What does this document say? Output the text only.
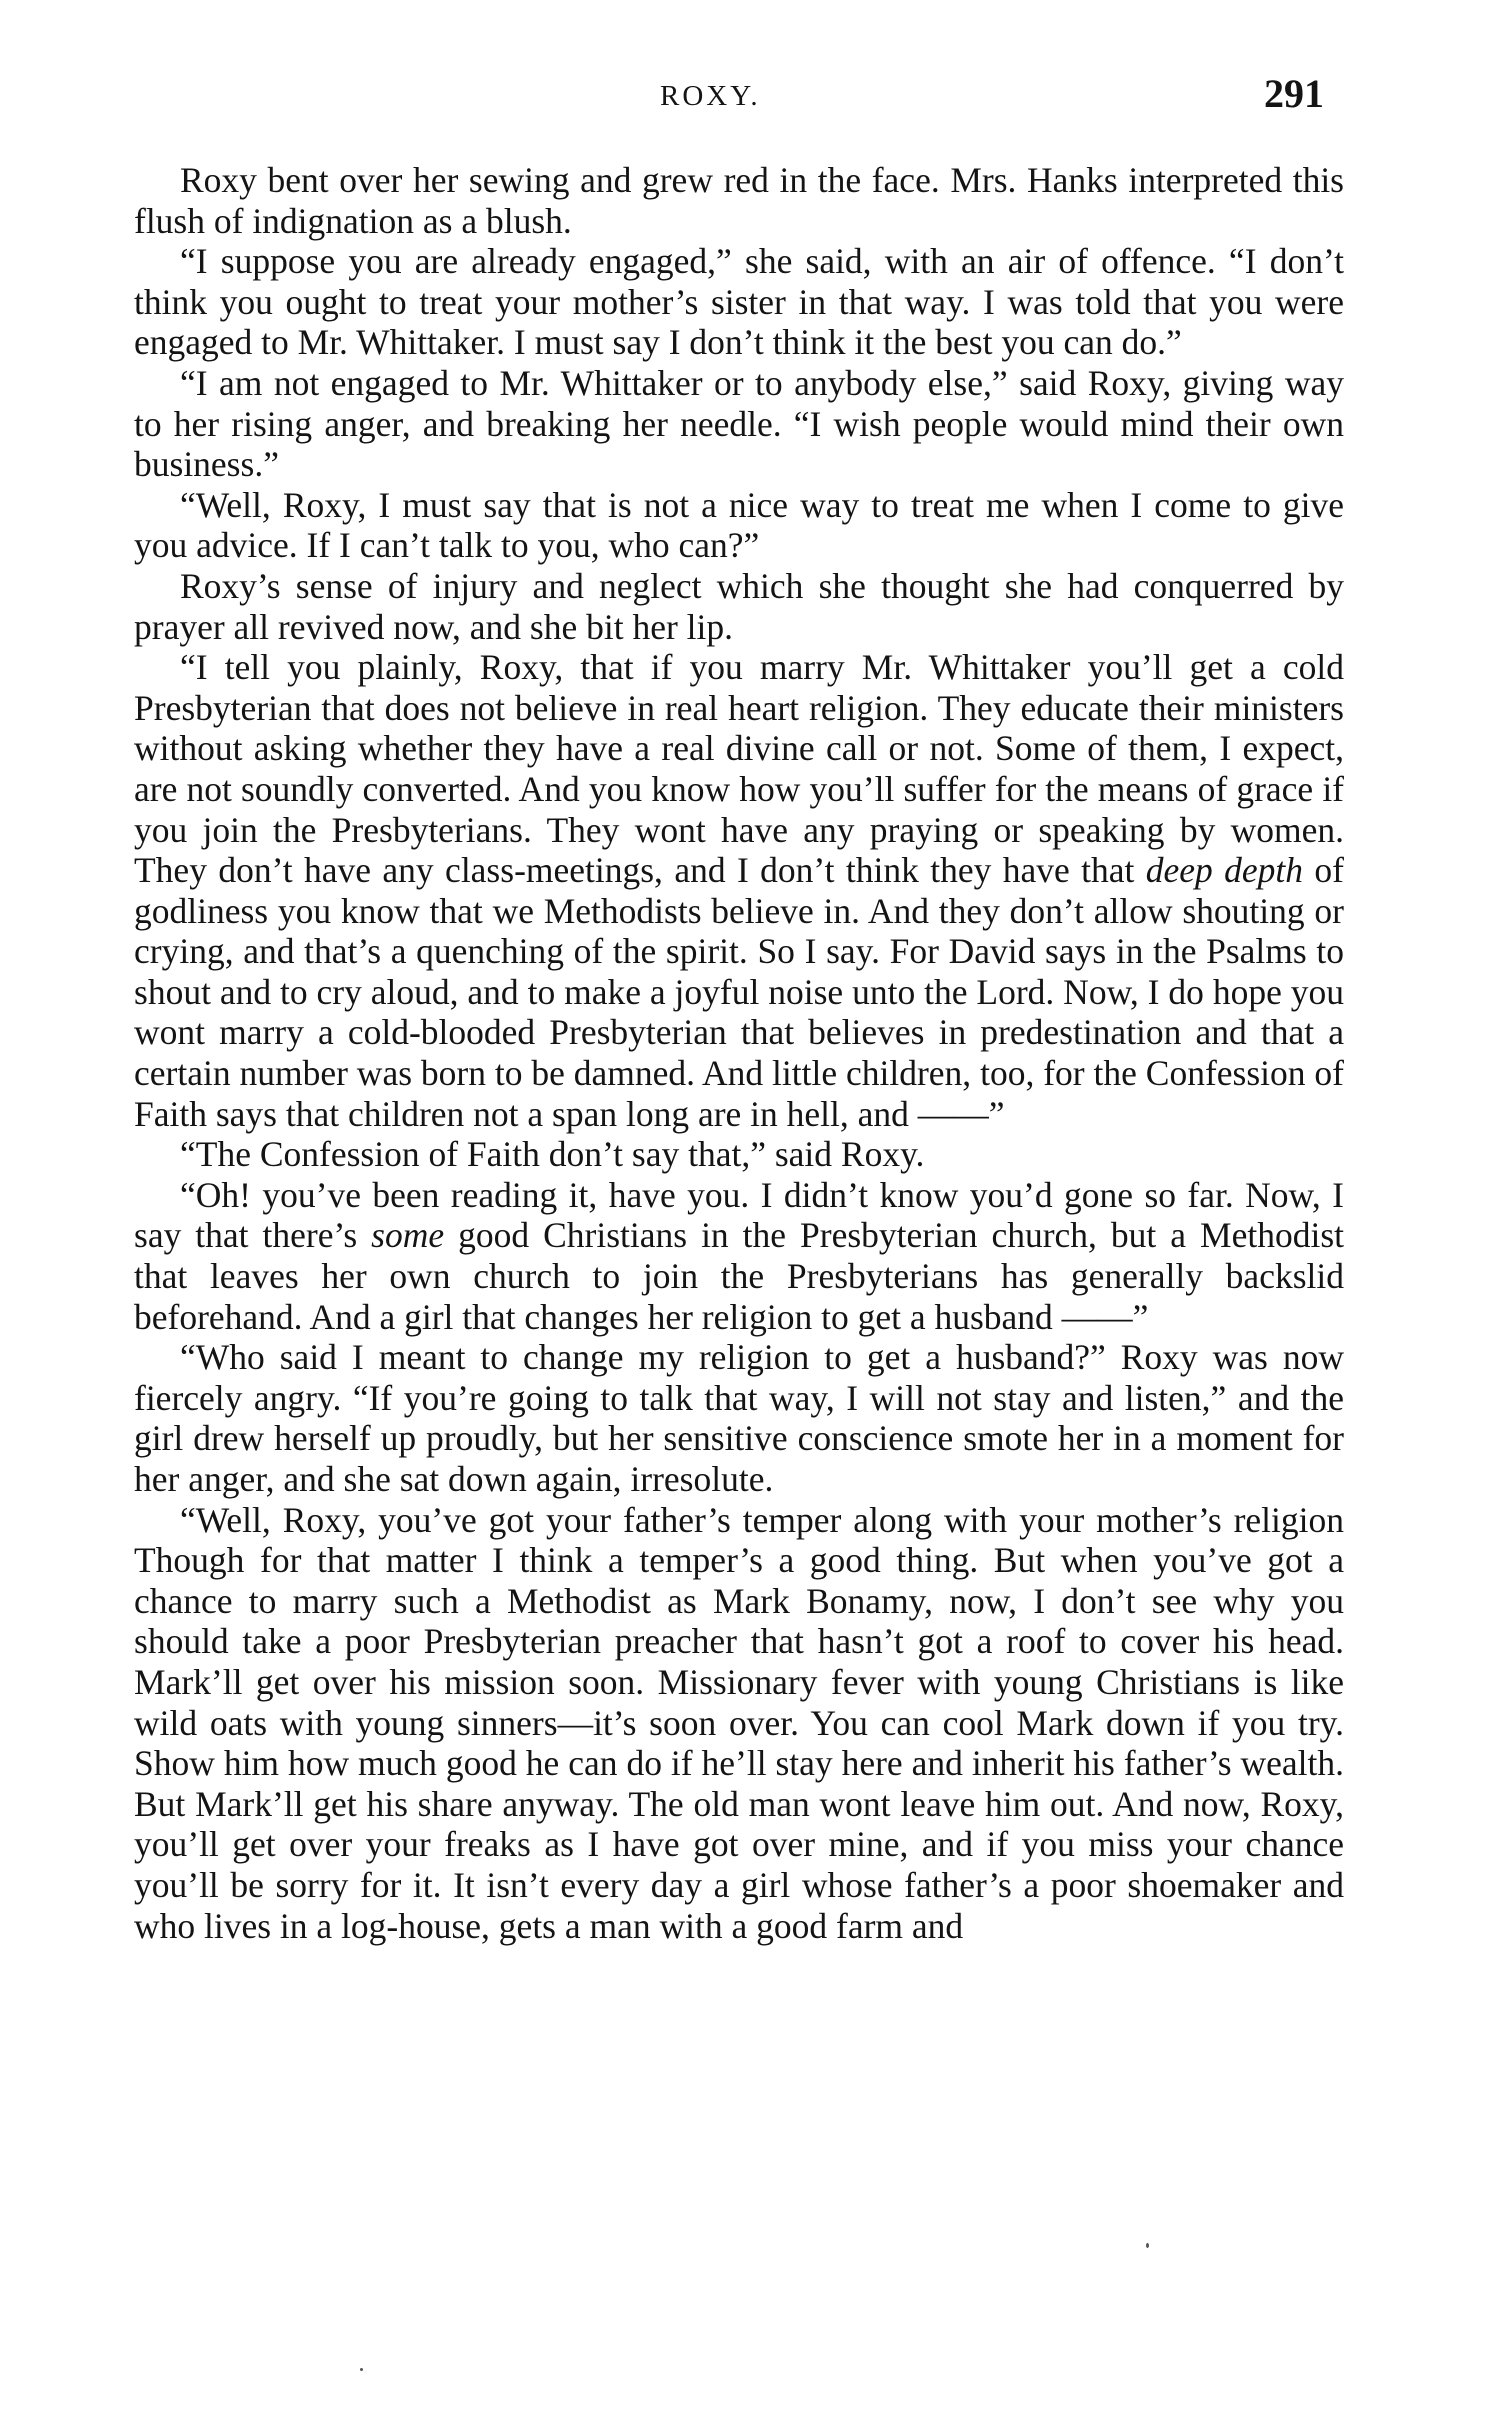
ROXY.	291

Roxy bent over her sewing and grew red in the face. Mrs. Hanks interpreted this flush of indignation as a blush.

“I suppose you are already engaged,” she said, with an air of offence. “I don’t think you ought to treat your mother’s sister in that way. I was told that you were engaged to Mr. Whittaker. I must say I don’t think it the best you can do.”

“I am not engaged to Mr. Whittaker or to anybody else,” said Roxy, giving way to her rising anger, and breaking her needle. “I wish people would mind their own business.”

“Well, Roxy, I must say that is not a nice way to treat me when I come to give you advice. If I can’t talk to you, who can?”

Roxy’s sense of injury and neglect which she thought she had conquerred by prayer all revived now, and she bit her lip.

“I tell you plainly, Roxy, that if you marry Mr. Whittaker you’ll get a cold Presbyterian that does not believe in real heart religion. They educate their ministers without asking whether they have a real divine call or not. Some of them, I expect, are not soundly converted. And you know how you’ll suffer for the means of grace if you join the Presbyterians. They wont have any praying or speaking by women. They don’t have any class-meetings, and I don’t think they have that deep depth of godliness you know that we Methodists believe in. And they don’t allow shouting or crying, and that’s a quenching of the spirit. So I say. For David says in the Psalms to shout and to cry aloud, and to make a joyful noise unto the Lord. Now, I do hope you wont marry a cold-blooded Presbyterian that believes in predestination and that a certain number was born to be damned. And little children, too, for the Confession of Faith says that children not a span long are in hell, and ——”

“The Confession of Faith don’t say that,” said Roxy.

“Oh! you’ve been reading it, have you. I didn’t know you’d gone so far. Now, I say that there’s some good Christians in the Presbyterian church, but a Methodist that leaves her own church to join the Presbyterians has generally backslid beforehand. And a girl that changes her religion to get a husband ——”

“Who said I meant to change my religion to get a husband?” Roxy was now fiercely angry. “If you’re going to talk that way, I will not stay and listen,” and the girl drew herself up proudly, but her sensitive conscience smote her in a moment for her anger, and she sat down again, irresolute.

“Well, Roxy, you’ve got your father’s temper along with your mother’s religion Though for that matter I think a temper’s a good thing. But when you’ve got a chance to marry such a Methodist as Mark Bonamy, now, I don’t see why you should take a poor Presbyterian preacher that hasn’t got a roof to cover his head. Mark’ll get over his mission soon. Missionary fever with young Christians is like wild oats with young sinners—it’s soon over. You can cool Mark down if you try. Show him how much good he can do if he’ll stay here and inherit his father’s wealth. But Mark’ll get his share anyway. The old man wont leave him out. And now, Roxy, you’ll get over your freaks as I have got over mine, and if you miss your chance you’ll be sorry for it. It isn’t every day a girl whose father’s a poor shoemaker and who lives in a log-house, gets a man with a good farm and
